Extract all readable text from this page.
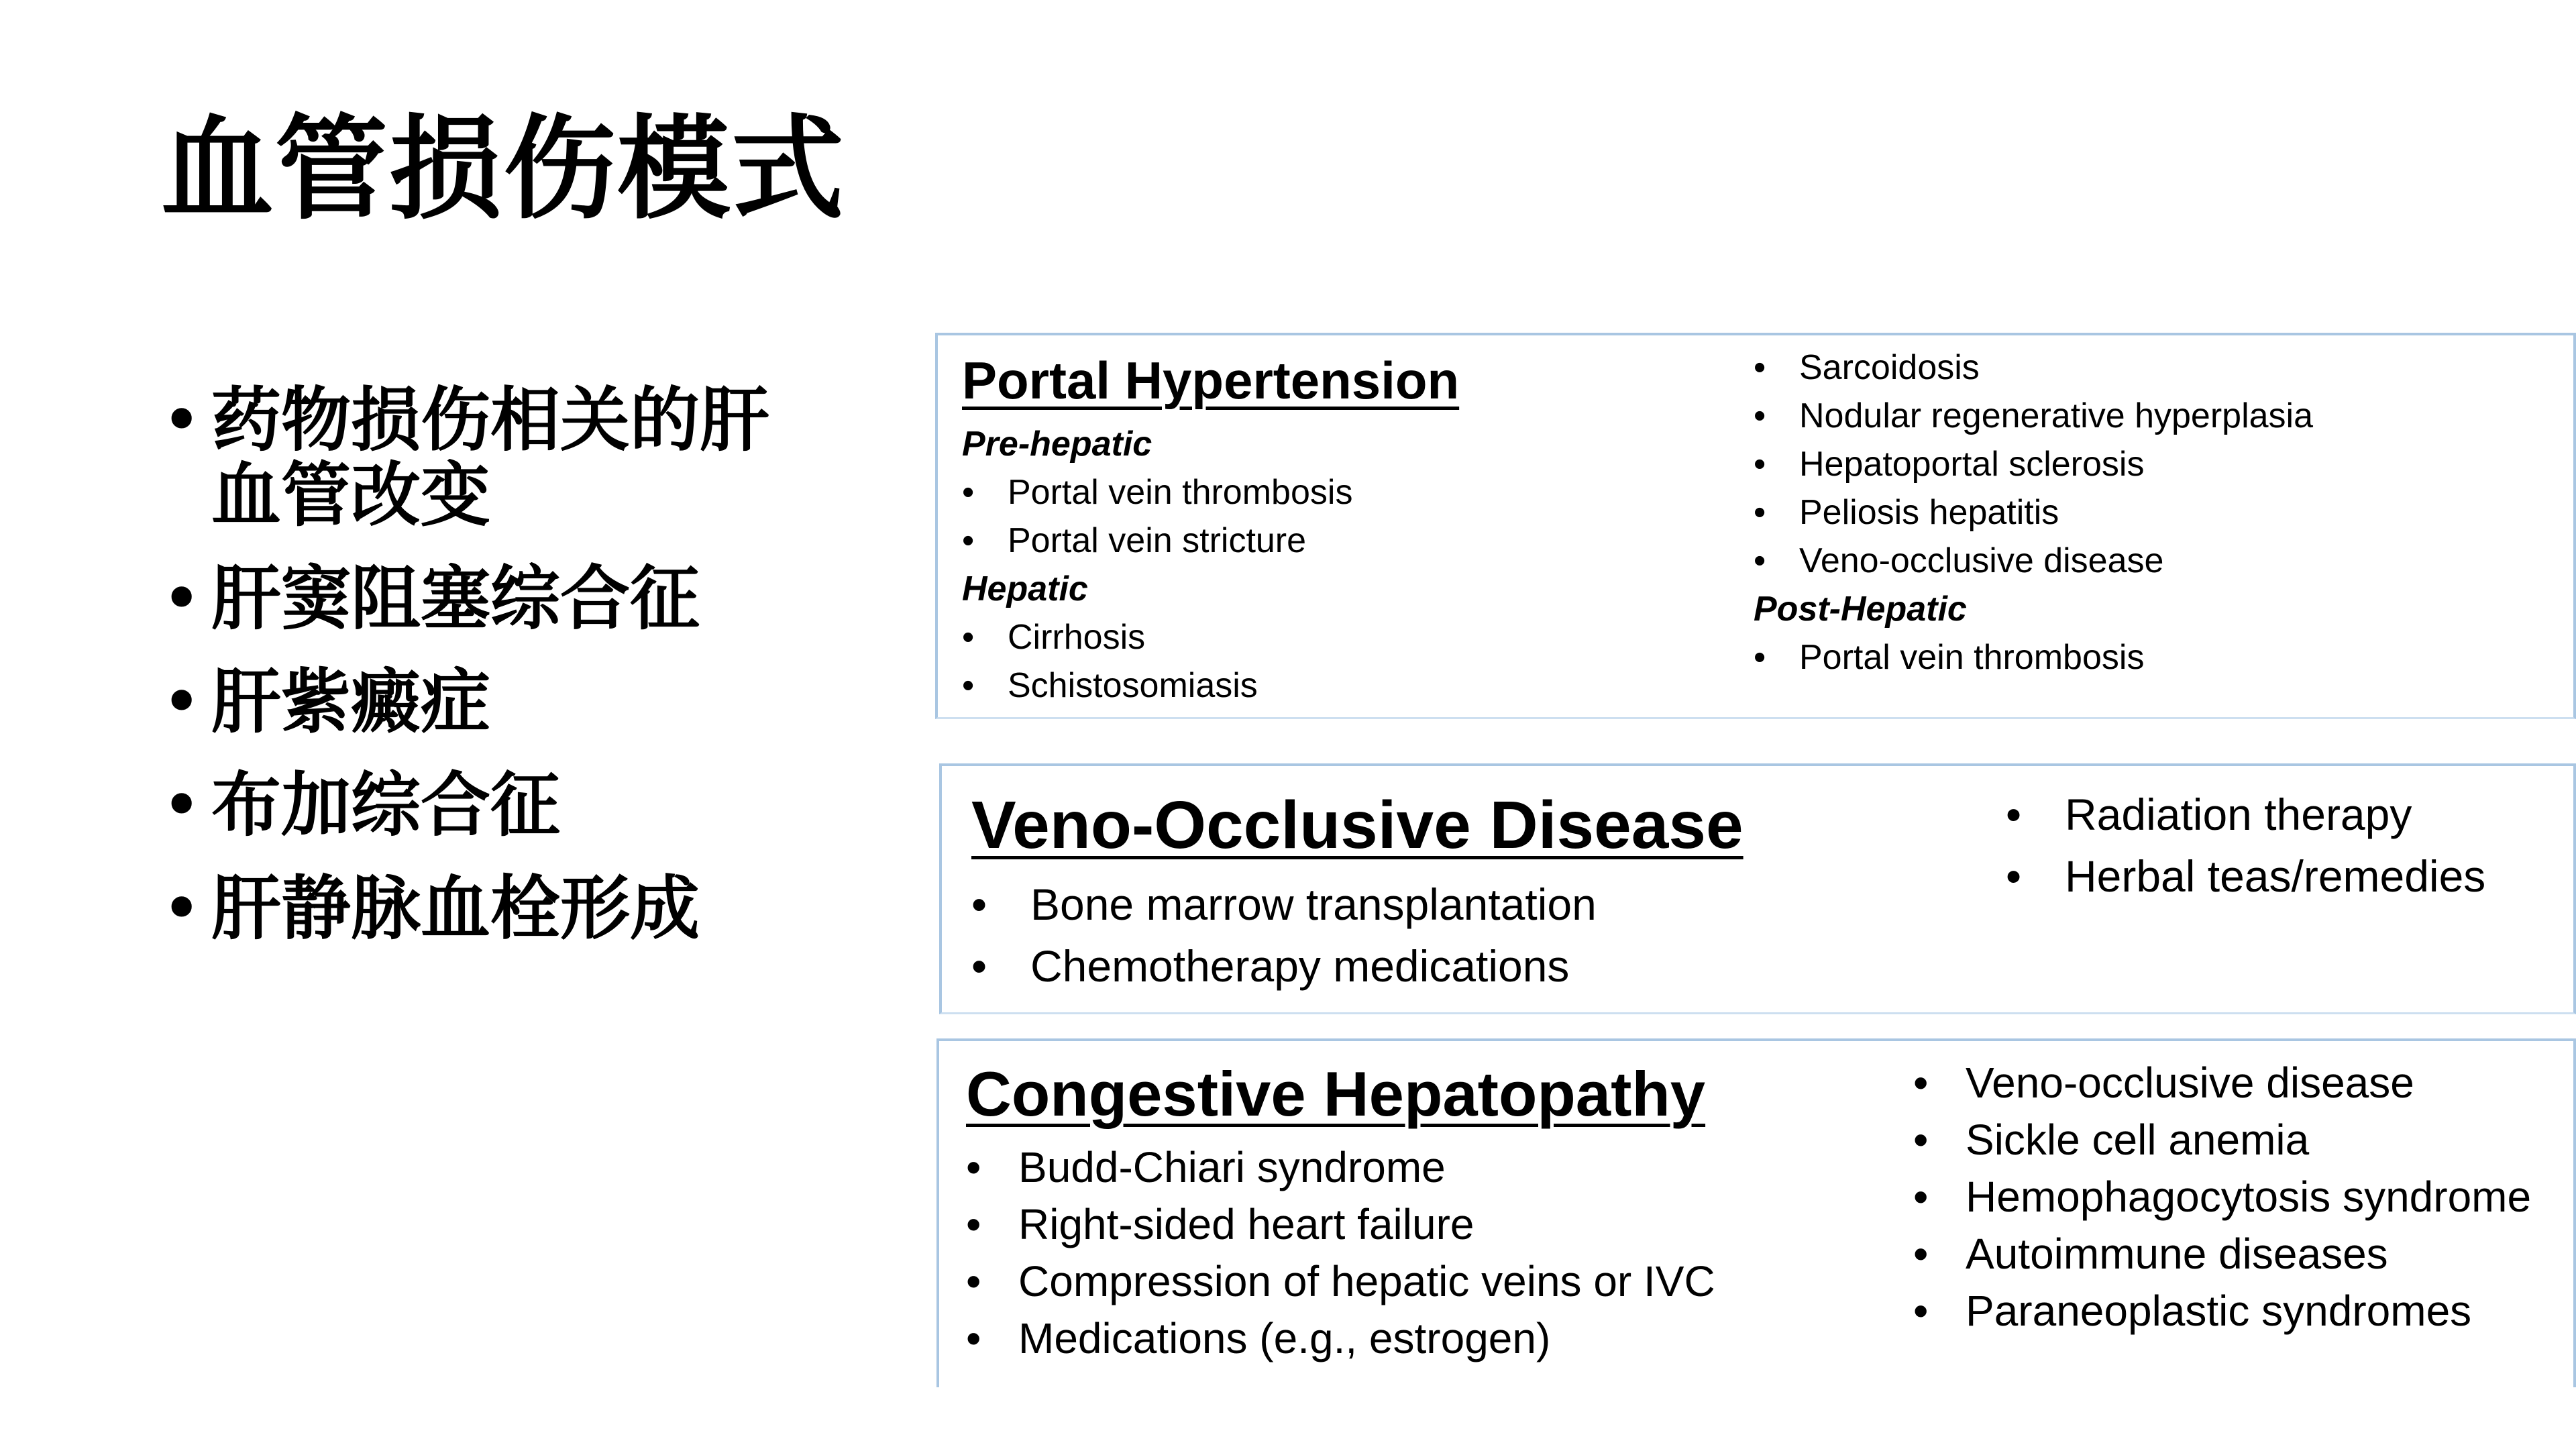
血管损伤模式
• 药物损伤相关的肝血管改变
• 肝窦阻塞综合征
• 肝紫癜症
• 布加综合征
• 肝静脉血栓形成
Portal Hypertension
Pre-hepatic
• Portal vein thrombosis
• Portal vein stricture
Hepatic
• Cirrhosis
• Schistosomiasis
• Sarcoidosis
• Nodular regenerative hyperplasia
• Hepatoportal sclerosis
• Peliosis hepatitis
• Veno-occlusive disease
Post-Hepatic
• Portal vein thrombosis
Veno-Occlusive Disease
• Bone marrow transplantation
• Chemotherapy medications
• Radiation therapy
• Herbal teas/remedies
Congestive Hepatopathy
• Budd-Chiari syndrome
• Right-sided heart failure
• Compression of hepatic veins or IVC
• Medications (e.g., estrogen)
• Veno-occlusive disease
• Sickle cell anemia
• Hemophagocytosis syndrome
• Autoimmune diseases
• Paraneoplastic syndromes
